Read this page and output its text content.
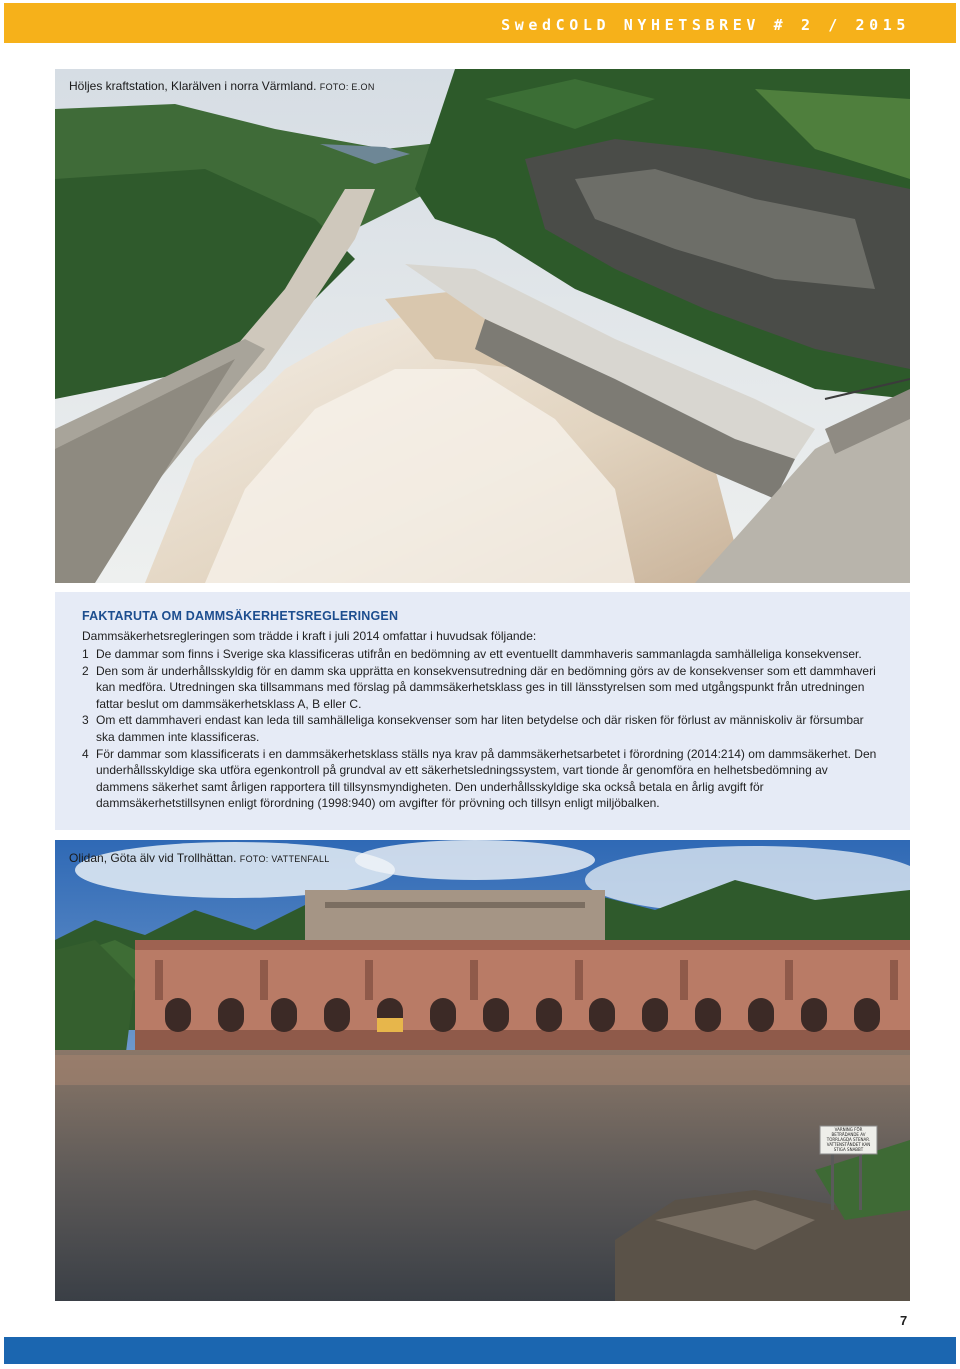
SwedCOLD NYHETSBREV # 2 / 2015
Höljes kraftstation, Klarälven i norra Värmland. FOTO: E.ON
FAKTARUTA OM DAMMSÄKERHETSREGLERINGEN
Dammsäkerhetsregleringen som trädde i kraft i juli 2014 omfattar i huvudsak följande:
1 De dammar som finns i Sverige ska klassificeras utifrån en bedömning av ett eventuellt dammhaveris sammanlagda samhälleliga konsekvenser.
2 Den som är underhållsskyldig för en damm ska upprätta en konsekvensutredning där en bedömning görs av de konsekvenser som ett dammhaveri kan medföra. Utredningen ska tillsammans med förslag på dammsäkerhetsklass ges in till länsstyrelsen som med utgångspunkt från utredningen fattar beslut om dammsäkerhetsklass A, B eller C.
3 Om ett dammhaveri endast kan leda till samhälleliga konsekvenser som har liten betydelse och där risken för förlust av människoliv är försumbar ska dammen inte klassificeras.
4 För dammar som klassificerats i en dammsäkerhetsklass ställs nya krav på dammsäkerhetsarbetet i förordning (2014:214) om dammsäkerhet. Den underhållsskyldige ska utföra egenkontroll på grundval av ett säkerhetsledningssystem, vart tionde år genomföra en helhetsbedömning av dammens säkerhet samt årligen rapportera till tillsynsmyndigheten. Den underhållsskyldige ska också betala en årlig avgift för dammsäkerhetstillsynen enligt förordning (1998:940) om avgifter för prövning och tillsyn enligt miljöbalken.
VARNING FÖR BETRÄDANDE AV TORRLAGDA STENAR. VATTENSTÅNDET KAN STIGA SNABBT
Olidan, Göta älv vid Trollhättan. FOTO: VATTENFALL
7
